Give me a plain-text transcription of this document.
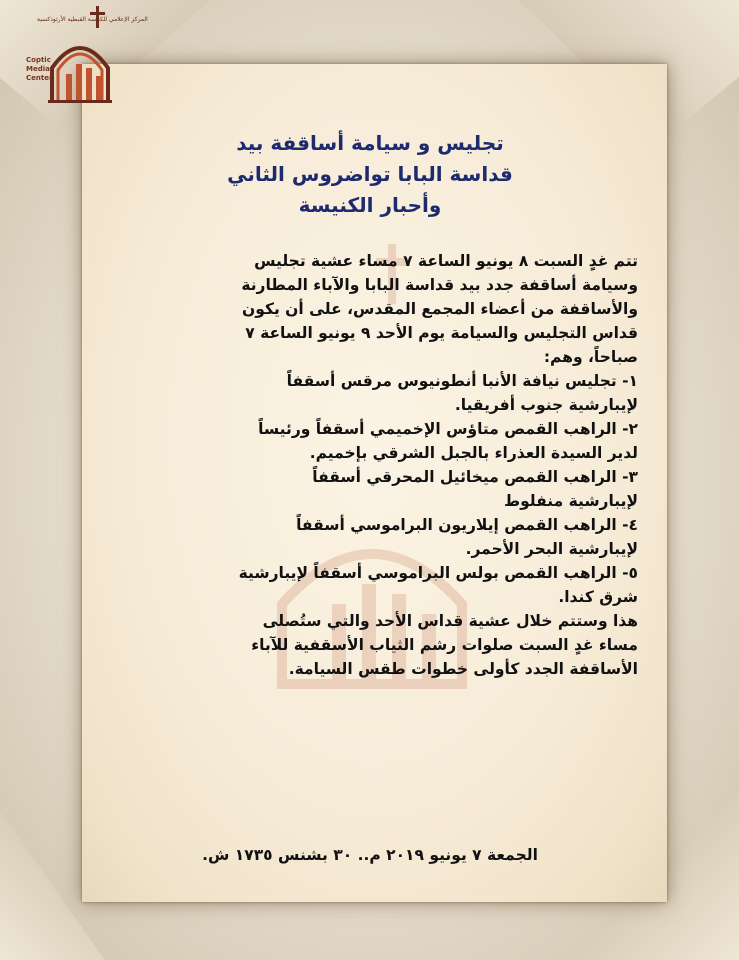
المركز الإعلامي للكنيسة القبطية الأرثوذكسية
Coptic
Media
Center
تجليس و سيامة أساقفة بيد
قداسة البابا تواضروس الثاني
وأحبار الكنيسة
تتم غدٍ السبت ٨ يونيو الساعة ٧ مساء عشية تجليس
وسيامة أساقفة جدد بيد قداسة البابا والآباء المطارنة
والأساقفة من أعضاء المجمع المقدس، على أن يكون
قداس التجليس والسيامة يوم الأحد ٩ يونيو الساعة ٧
صباحاً، وهم:
١- تجليس نيافة الأنبا أنطونيوس مرقس أسقفاً
لإيبارشية جنوب أفريقيا.
٢- الراهب القمص متاؤس الإخميمي أسقفاً ورئيساً
لدير السيدة العذراء بالجبل الشرقي بإخميم.
٣- الراهب القمص ميخائيل المحرقي أسقفاً
لإيبارشية منفلوط
٤- الراهب القمص إيلاريون البراموسي أسقفاً
لإيبارشية البحر الأحمر.
٥- الراهب القمص بولس البراموسي أسقفاً لإيبارشية
شرق كندا.
هذا وستتم خلال عشية قداس الأحد والتي ستُصلى
مساء غدٍ السبت صلوات رشم الثياب الأسقفية للآباء
الأساقفة الجدد كأولى خطوات طقس السيامة.
الجمعة ٧ يونيو ٢٠١٩ م.. ٣٠ بشنس ١٧٣٥ ش.
